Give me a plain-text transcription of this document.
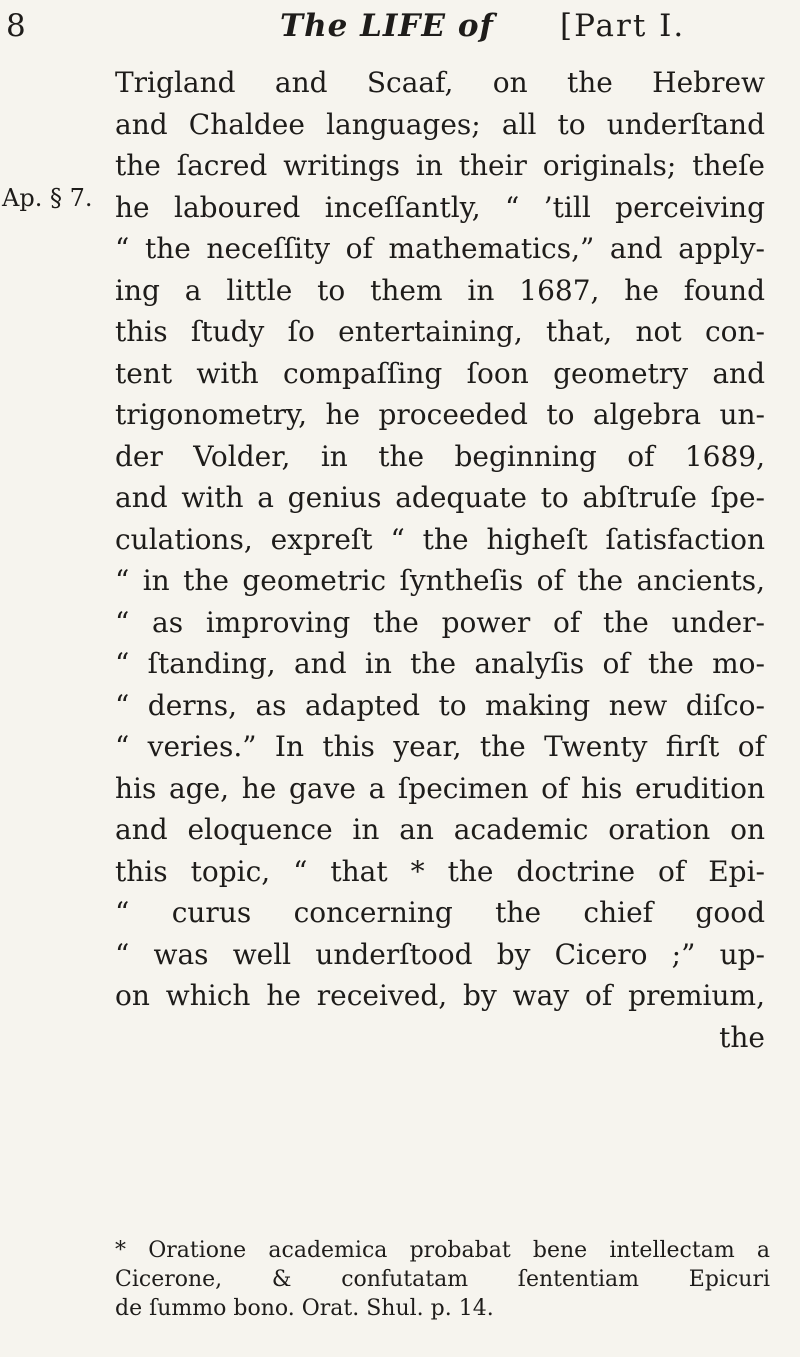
8	The LIFE of [Part I.
Ap. § 7.
Trigland and Scaaf, on the Hebrew
and Chaldee languages; all to underſtand
the ſacred writings in their originals; theſe
he laboured inceſſantly, “ ’till perceiving
“ the neceſſity of mathematics,” and apply-
ing a little to them in 1687, he found
this ſtudy ſo entertaining, that, not con-
tent with compaſſing ſoon geometry and
trigonometry, he proceeded to algebra un-
der Volder, in the beginning of 1689,
and with a genius adequate to abſtruſe ſpe-
culations, expreſt “ the higheſt ſatisfaction
“ in the geometric ſyntheſis of the ancients,
“ as improving the power of the under-
“ ſtanding, and in the analyſis of the mo-
“ derns, as adapted to making new diſco-
“ veries.” In this year, the Twenty firſt of
his age, he gave a ſpecimen of his erudition
and eloquence in an academic oration on
this topic, “ that * the doctrine of Epi-
“ curus concerning the chief good
“ was well underſtood by Cicero ;” up-
on which he received, by way of premium,
the
* Oratione academica probabat bene intellectam a
Cicerone, & confutatam ſententiam Epicuri
de ſummo bono. Orat. Shul. p. 14.
